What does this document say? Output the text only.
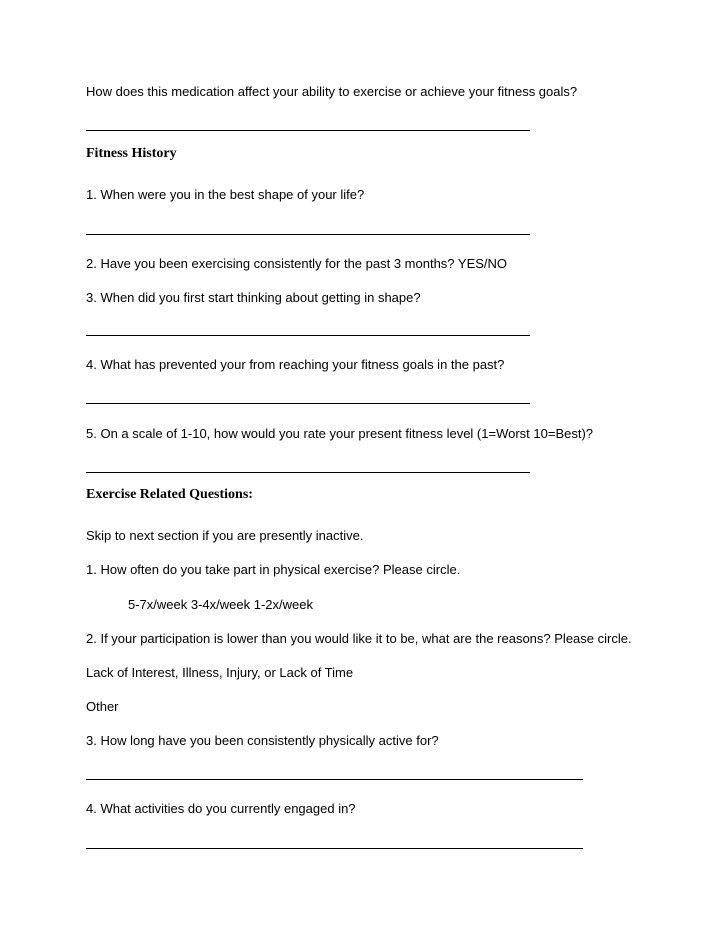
How does this medication affect your ability to exercise or achieve your fitness goals?
Fitness History
1. When were you in the best shape of your life?
2. Have you been exercising consistently for the past 3 months? YES/NO
3. When did you first start thinking about getting in shape?
4. What has prevented your from reaching your fitness goals in the past?
5. On a scale of 1-10, how would you rate your present fitness level (1=Worst 10=Best)?
Exercise Related Questions:
Skip to next section if you are presently inactive.
1. How often do you take part in physical exercise? Please circle.
5-7x/week 3-4x/week 1-2x/week
2. If your participation is lower than you would like it to be, what are the reasons? Please circle.
Lack of Interest, Illness, Injury, or Lack of Time
Other
3. How long have you been consistently physically active for?
4. What activities do you currently engaged in?
